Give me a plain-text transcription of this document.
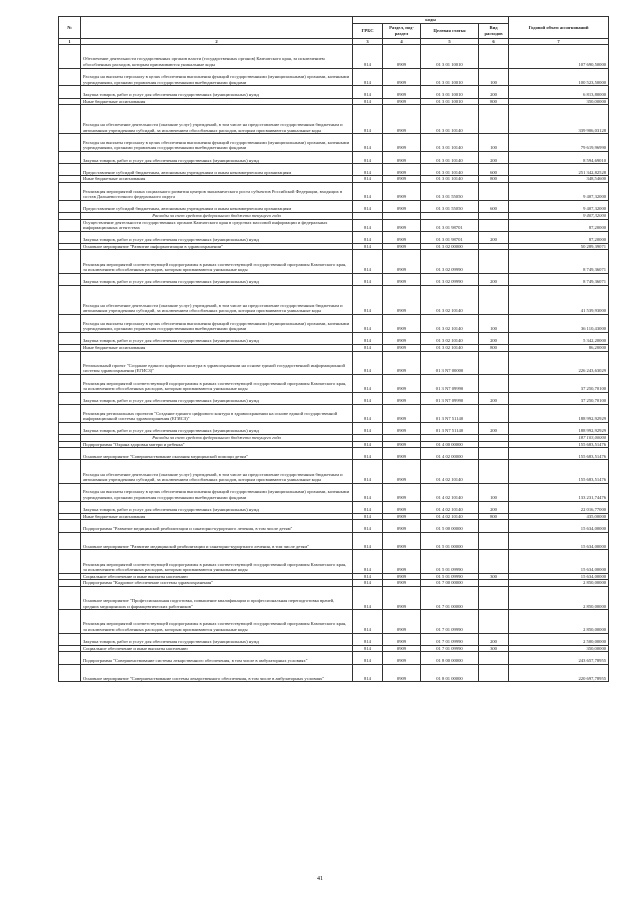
№		коды				Годовой объем ассигнований
		ГРБС	Раздел, под-раздел	Целевая статья	Вид расходов	
1	2	3	4	5	6	7
	Обеспечение деятельности государственных органов власти (государственных органов) Камчатского края, за исключением обособленных расходов, которым присваиваются уникальные коды	814	0909	01 3 01 10010		107 690,50000
	Расходы на выплаты персоналу в целях обеспечения выполнения функций государственными (муниципальными) органами, казенными учреждениями, органами управления государственными внебюджетными фондами	814	0909	01 3 01 10010	100	100 523,50000
	Закупка товаров, работ и услуг для обеспечения государственных (муниципальных) нужд	814	0909	01 3 01 10010	200	6 813,80000
	Иные бюджетные ассигнования	814	0909	01 3 01 10010	800	350,00000
	Расходы на обеспечение деятельности (оказание услуг) учреждений, в том числе на предоставление государственным бюджетным и автономным учреждениям субсидий, за исключением обособленных расходов, которым присваиваются уникальные коды	814	0909	01 3 01 10140		339 906,03128
	Расходы на выплаты персоналу в целях обеспечения выполнения функций государственными (муниципальными) органами, казенными учреждениями, органами управления государственными внебюджетными фондами	814	0909	01 3 01 10140	100	79 619,96990
	Закупка товаров, работ и услуг для обеспечения государственных (муниципальных) нужд	814	0909	01 3 01 10140	200	8 594,69010
	Предоставление субсидий бюджетным, автономным учреждениям и иным некоммерческим организациям	814	0909	01 3 01 10140	600	251 342,82528
	Иные бюджетные ассигнования	814	0909	01 3 01 10140	800	348,54600
	Реализация мероприятий плана социального развития центров экономического роста субъектов Российской Федерации, входящих в состав Дальневосточного федерального округа	814	0909	01 3 01 55050		9 407,32000
	Предоставление субсидий бюджетным, автономным учреждениям и иным некоммерческим организациям	814	0909	01 3 01 55050	600	9 407,32000
	Расходы за счет средств федерального бюджета текущего года					9 407,32000
	Осуществление деятельности государственных органов Камчатского края в средствах массовой информации и федеральных информационных агентствах	814	0909	01 3 01 98701		87,20000
	Закупка товаров, работ и услуг для обеспечения государственных (муниципальных) нужд	814	0909	01 3 01 98701	200	87,20000
	Основное мероприятие "Развитие информатизации в здравоохранении"	814	0909	01 3 02 00000		50 289,39071
	Реализация мероприятий соответствующей подпрограммы в рамках соответствующей государственной программы Камчатского края, за исключением обособленных расходов, которым присваиваются уникальные коды	814	0909	01 3 02 09990		8 749,36071
	Закупка товаров, работ и услуг для обеспечения государственных (муниципальных) нужд	814	0909	01 3 02 09990	200	8 749,36071
	Расходы на обеспечение деятельности (оказание услуг) учреждений, в том числе на предоставление государственным бюджетным и автономным учреждениям субсидий, за исключением обособленных расходов, которым присваиваются уникальные коды	814	0909	01 3 02 10140		41 539,93000
	Расходы на выплаты персоналу в целях обеспечения выполнения функций государственными (муниципальными) органами, казенными учреждениями, органами управления государственными внебюджетными фондами	814	0909	01 3 02 10140	100	36 110,43000
	Закупка товаров, работ и услуг для обеспечения государственных (муниципальных) нужд	814	0909	01 3 02 10140	200	5 342,20000
	Иные бюджетные ассигнования	814	0909	01 3 02 10140	800	86,20000
	Региональный проект "Создание единого цифрового контура в здравоохранении на основе единой государственной информационной системы здравоохранения (ЕГИСЗ)"	814	0909	01 3 N7 00000		226 243,63029
	Реализация мероприятий соответствующей подпрограммы в рамках соответствующей государственной программы Камчатского края, за исключением обособленных расходов, которым присваиваются уникальные коды	814	0909	01 3 N7 09990		37 250,70100
	Закупка товаров, работ и услуг для обеспечения государственных (муниципальных) нужд	814	0909	01 3 N7 09990	200	37 250,70100
	Реализация региональных проектов "Создание единого цифрового контура в здравоохранении на основе единой государственной информационной системы здравоохранения (ЕГИСЗ)"	814	0909	01 3 N7 51140		188 992,92929
	Закупка товаров, работ и услуг для обеспечения государственных (муниципальных) нужд	814	0909	01 3 N7 51140	200	188 992,92929
	Расходы за счет средств федерального бюджета текущего года					187 103,00000
	Подпрограмма "Охрана здоровья матери и ребенка"	814	0909	01 4 00 00000		155 683,51476
	Основное мероприятие "Совершенствование оказания медицинской помощи детям"	814	0909	01 4 02 00000		155 683,51476
	Расходы на обеспечение деятельности (оказание услуг) учреждений, в том числе на предоставление государственным бюджетным и автономным учреждениям субсидий, за исключением обособленных расходов, которым присваиваются уникальные коды	814	0909	01 4 02 10140		155 683,51476
	Расходы на выплаты персоналу в целях обеспечения выполнения функций государственными (муниципальными) органами, казенными учреждениями, органами управления государственными внебюджетными фондами	814	0909	01 4 02 10140	100	133 231,74476
	Закупка товаров, работ и услуг для обеспечения государственных (муниципальных) нужд	814	0909	01 4 02 10140	200	22 016,77000
	Иные бюджетные ассигнования	814	0909	01 4 02 10140	800	435,00000
	Подпрограмма "Развитие медицинской реабилитации и санаторно-курортного лечения, в том числе детям"	814	0909	01 5 00 00000		15 634,00000
	Основное мероприятие "Развитие медицинской реабилитации и санаторно-курортного лечения, в том числе детям"	814	0909	01 5 01 00000		15 634,00000
	Реализация мероприятий соответствующей подпрограммы в рамках соответствующей государственной программы Камчатского края, за исключением обособленных расходов, которым присваиваются уникальные коды	814	0909	01 5 01 09990		15 634,00000
	Социальное обеспечение и иные выплаты населению	814	0909	01 5 01 09990	300	15 634,00000
	Подпрограмма "Кадровое обеспечение системы здравоохранения"	814	0909	01 7 00 00000		2 850,00000
	Основное мероприятие "Профессиональная подготовка, повышение квалификации и профессиональная переподготовка врачей, средних медицинских и фармацевтических работников"	814	0909	01 7 01 00000		2 850,00000
	Реализация мероприятий соответствующей подпрограммы в рамках соответствующей государственной программы Камчатского края, за исключением обособленных расходов, которым присваиваются уникальные коды	814	0909	01 7 01 09990		2 850,00000
	Закупка товаров, работ и услуг для обеспечения государственных (муниципальных) нужд	814	0909	01 7 01 09990	200	2 500,00000
	Социальное обеспечение и иные выплаты населению	814	0909	01 7 01 09990	300	350,00000
	Подпрограмма "Совершенствование системы лекарственного обеспечения, в том числе в амбулаторных условиях"	814	0909	01 8 00 00000		243 657,78955
	Основное мероприятие "Совершенствование системы лекарственного обеспечения, в том числе в амбулаторных условиях"	814	0909	01 8 01 00000		220 697,78955
41
